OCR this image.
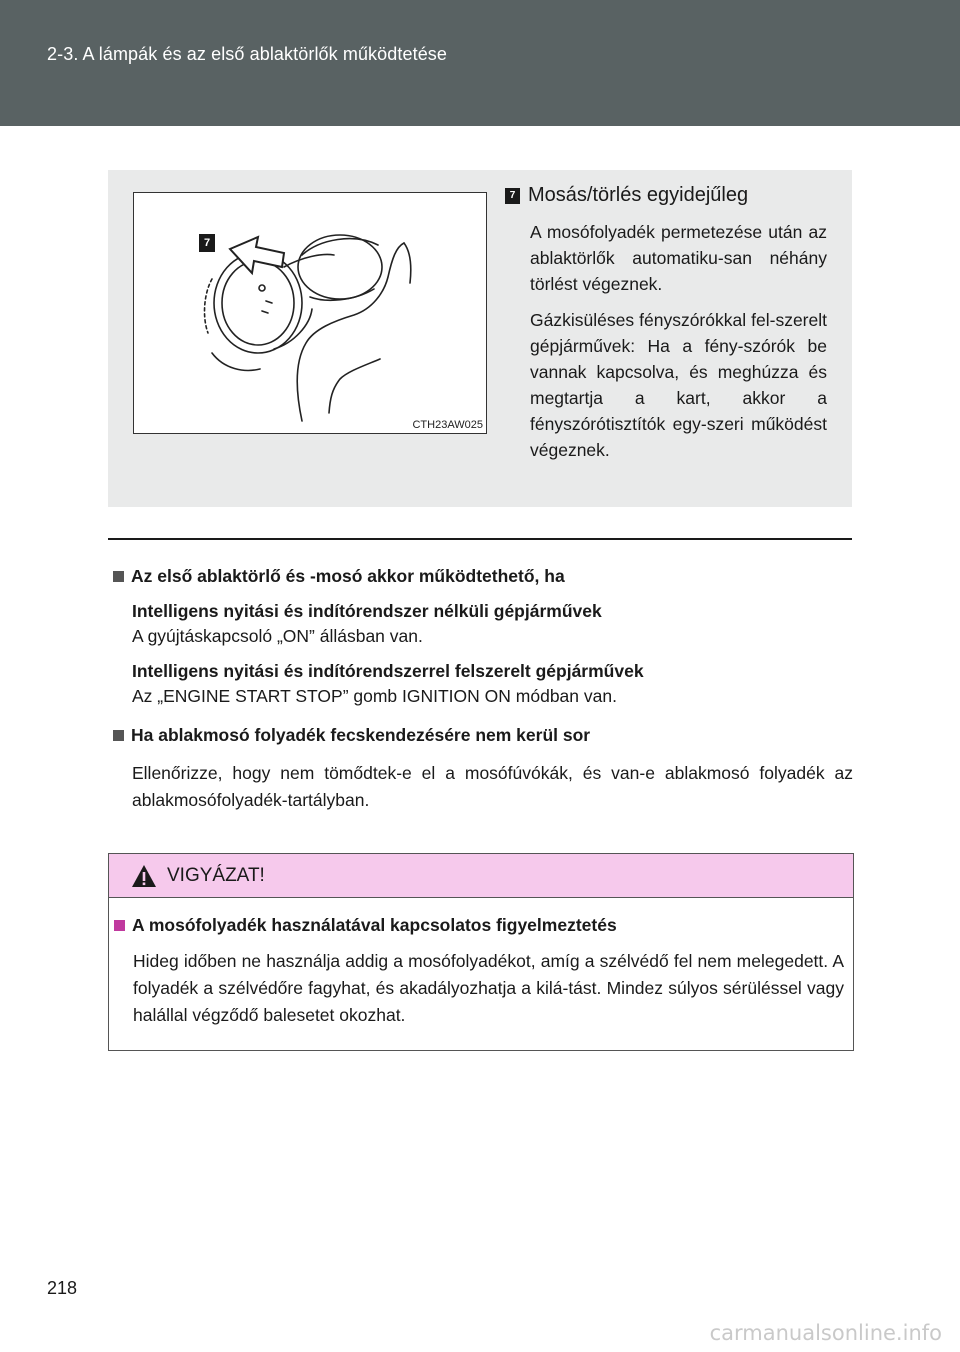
2-3. A lámpák és az első ablaktörlők működtetése
7
CTH23AW025
7 Mosás/törlés egyidejűleg
A mosófolyadék permetezése után az ablaktörlők automatiku-san néhány törlést végeznek.
Gázkisüléses fényszórókkal fel-szerelt gépjárművek: Ha a fény-szórók be vannak kapcsolva, és meghúzza és megtartja a kart, akkor a fényszórótisztítók egy-szeri működést végeznek.
Az első ablaktörlő és -mosó akkor működtethető, ha
Intelligens nyitási és indítórendszer nélküli gépjárművek
A gyújtáskapcsoló „ON” állásban van.
Intelligens nyitási és indítórendszerrel felszerelt gépjárművek
Az „ENGINE START STOP” gomb IGNITION ON módban van.
Ha ablakmosó folyadék fecskendezésére nem kerül sor
Ellenőrizze, hogy nem tömődtek-e el a mosófúvókák, és van-e ablakmosó folyadék az ablakmosófolyadék-tartályban.
VIGYÁZAT!
A mosófolyadék használatával kapcsolatos figyelmeztetés
Hideg időben ne használja addig a mosófolyadékot, amíg a szélvédő fel nem melegedett. A folyadék a szélvédőre fagyhat, és akadályozhatja a kilá-tást. Mindez súlyos sérüléssel vagy halállal végződő balesetet okozhat.
218
carmanualsonline.info
